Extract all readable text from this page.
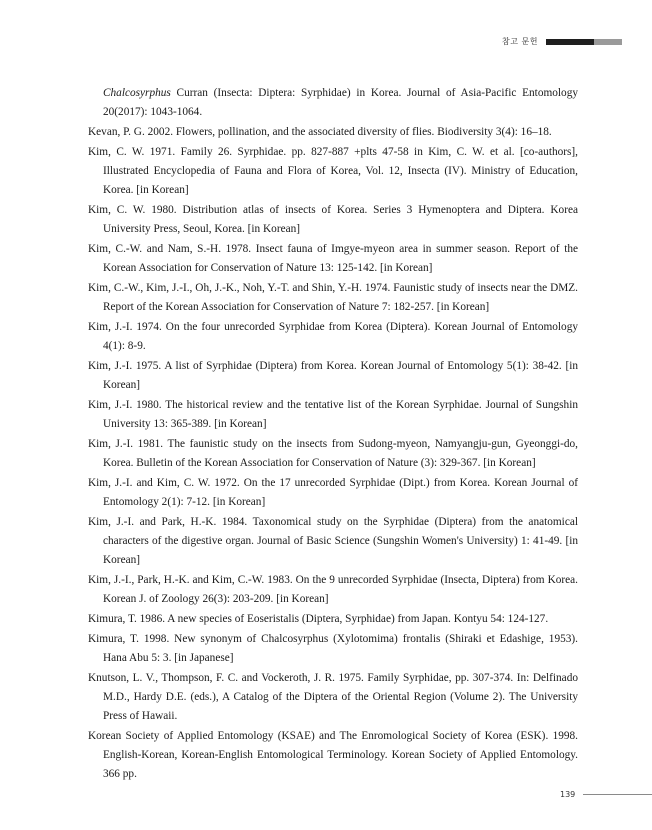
참고 문헌

Chalcosyrphus Curran (Insecta: Diptera: Syrphidae) in Korea. Journal of Asia-Pacific Entomology 20(2017): 1043-1064.

Kevan, P. G. 2002. Flowers, pollination, and the associated diversity of flies. Biodiversity 3(4): 16–18.

Kim, C. W. 1971. Family 26. Syrphidae. pp. 827-887 +plts 47-58 in Kim, C. W. et al. [co-authors], Illustrated Encyclopedia of Fauna and Flora of Korea, Vol. 12, Insecta (IV). Ministry of Education, Korea. [in Korean]

Kim, C. W. 1980. Distribution atlas of insects of Korea. Series 3 Hymenoptera and Diptera. Korea University Press, Seoul, Korea. [in Korean]

Kim, C.-W. and Nam, S.-H. 1978. Insect fauna of Imgye-myeon area in summer season. Report of the Korean Association for Conservation of Nature 13: 125-142. [in Korean]

Kim, C.-W., Kim, J.-I., Oh, J.-K., Noh, Y.-T. and Shin, Y.-H. 1974. Faunistic study of insects near the DMZ. Report of the Korean Association for Conservation of Nature 7: 182-257. [in Korean]

Kim, J.-I. 1974. On the four unrecorded Syrphidae from Korea (Diptera). Korean Journal of Entomology 4(1): 8-9.

Kim, J.-I. 1975. A list of Syrphidae (Diptera) from Korea. Korean Journal of Entomology 5(1): 38-42. [in Korean]

Kim, J.-I. 1980. The historical review and the tentative list of the Korean Syrphidae. Journal of Sungshin University 13: 365-389. [in Korean]

Kim, J.-I. 1981. The faunistic study on the insects from Sudong-myeon, Namyangju-gun, Gyeonggi-do, Korea. Bulletin of the Korean Association for Conservation of Nature (3): 329-367. [in Korean]

Kim, J.-I. and Kim, C. W. 1972. On the 17 unrecorded Syrphidae (Dipt.) from Korea. Korean Journal of Entomology 2(1): 7-12. [in Korean]

Kim, J.-I. and Park, H.-K. 1984. Taxonomical study on the Syrphidae (Diptera) from the anatomical characters of the digestive organ. Journal of Basic Science (Sungshin Women's University) 1: 41-49. [in Korean]

Kim, J.-I., Park, H.-K. and Kim, C.-W. 1983. On the 9 unrecorded Syrphidae (Insecta, Diptera) from Korea. Korean J. of Zoology 26(3): 203-209. [in Korean]

Kimura, T. 1986. A new species of Eoseristalis (Diptera, Syrphidae) from Japan. Kontyu 54: 124-127.

Kimura, T. 1998. New synonym of Chalcosyrphus (Xylotomima) frontalis (Shiraki et Edashige, 1953). Hana Abu 5: 3. [in Japanese]

Knutson, L. V., Thompson, F. C. and Vockeroth, J. R. 1975. Family Syrphidae, pp. 307-374. In: Delfinado M.D., Hardy D.E. (eds.), A Catalog of the Diptera of the Oriental Region (Volume 2). The University Press of Hawaii.

Korean Society of Applied Entomology (KSAE) and The Enromological Society of Korea (ESK). 1998. English-Korean, Korean-English Entomological Terminology. Korean Society of Applied Entomology. 366 pp.

139
